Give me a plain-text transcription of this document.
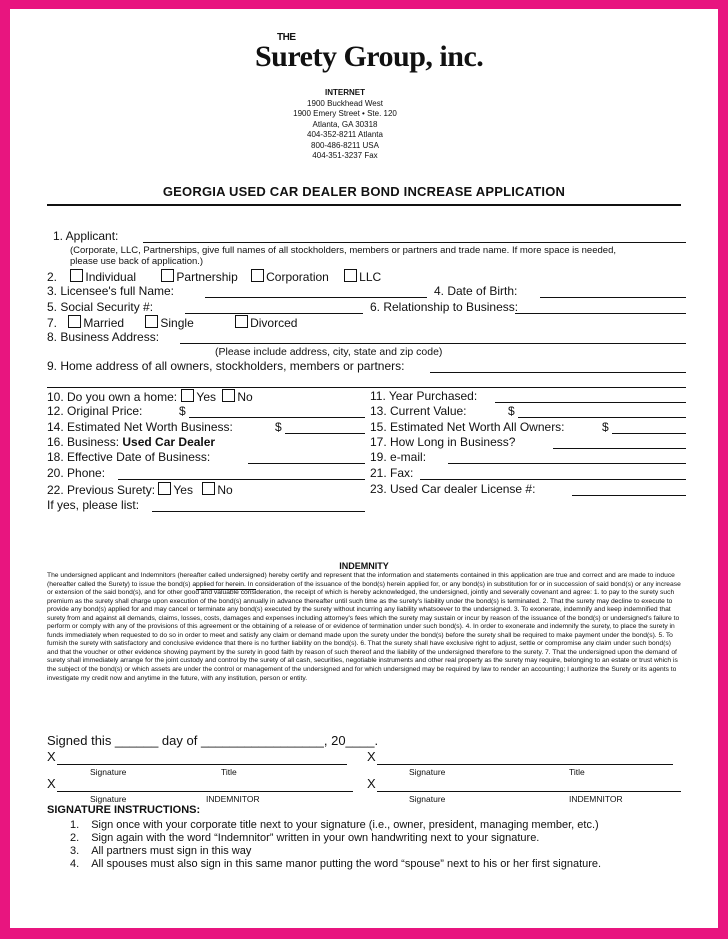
THE
Surety Group, inc.
INTERNET
1900 Buckhead West
1900 Emery Street • Ste. 120
Atlanta, GA 30318
404-352-8211 Atlanta
800-486-8211 USA
404-351-3237 Fax
GEORGIA USED CAR DEALER BOND INCREASE APPLICATION
1. Applicant:
(Corporate, LLC, Partnerships, give full names of all stockholders, members or partners and trade name. If more space is needed,
please use back of application.)
2. Individual	Partnership Corporation	LLC
3. Licensee's full Name:	4. Date of Birth:
5. Social Security #:	6. Relationship to Business:
7. Married	Single	Divorced
8. Business Address:
(Please include address, city, state and zip code)
9. Home address of all owners, stockholders, members or partners:
10. Do you own a home: Yes No	11. Year Purchased:
12. Original Price:	$	13. Current Value:	$
14. Estimated Net Worth Business:	$	15. Estimated Net Worth All Owners:	$
16. Business: Used Car Dealer	17. How Long in Business?
18. Effective Date of Business:	19. e-mail:
20. Phone:	21. Fax:
22. Previous Surety: Yes No	23. Used Car dealer License #:
If yes, please list:
INDEMNITY
The undersigned applicant and Indemnitors (hereafter called undersigned) hereby certify and represent that the information and statements contained in this application are true and correct and are made to induce (hereafter called the Surety) to issue the bond(s) applied for herein. In consideration of the issuance of the bond(s) herein applied for, or any bond(s) in substitution for or in succession of said bond(s) or any increase or extension of the said bond(s), and for other good and valuable consideration, the receipt of which is hereby acknowledged, the undersigned, jointly and severally covenant and agree: 1. to pay to the surety such premium as the surety shall charge upon execution of the bond(s) annually in advance thereafter until such time as the surety's liability under the bond(s) is terminated. 2. That the surety may decline to execute to provide any bond(s) applied for and may cancel or terminate any bond(s) executed by the surety without incurring any liability whatsoever to the undersigned. 3. To exonerate, indemnify and keep indemnified that surety from and against all demands, claims, losses, costs, damages and expenses including attorney's fees which the surety may sustain or incur by reason of the issuance of the bond(s) or undersigned's failure to perform or comply with any of the provisions of this agreement or the obtaining of a release of or evidence of termination under such bond(s). 4. In order to exonerate and indemnify the surety, to place the surety in funds immediately when requested to do so in order to meet and satisfy any claim or demand made upon the surety under the bond(s) before the surety shall be required to make payment under the bond(s). 5. To furnish the surety with satisfactory and conclusive evidence that there is no further liability on the bond(s). 6. That the surety shall have exclusive right to adjust, settle or compromise any claim under such bond(s) and that the voucher or other evidence showing payment by the surety in good faith by reason of such thereof and the liability of the undersigned therefore to the surety. 7. That the undersigned upon the demand of surety shall immediately arrange for the joint custody and control by the surety of all cash, securities, negotiable instruments and other real property as the surety may require, belonging to an estate or trust which is the subject of the bond(s) or which assets are under the control or management of the undersigned and for which undersigned may be required by law to render an accounting; I authorize the Surety or its agents to investigate my credit now and anytime in the future, with any institution, person or entity.
Signed this ______ day of _________________, 20____.
X	X
Signature	Title	Signature	Title
X	X
Signature	INDEMNITOR	Signature	INDEMNITOR
SIGNATURE INSTRUCTIONS:
1. Sign once with your corporate title next to your signature (i.e., owner, president, managing member, etc.)
2. Sign again with the word “Indemnitor” written in your own handwriting next to your signature.
3. All partners must sign in this way
4. All spouses must also sign in this same manor putting the word “spouse” next to his or her first signature.
